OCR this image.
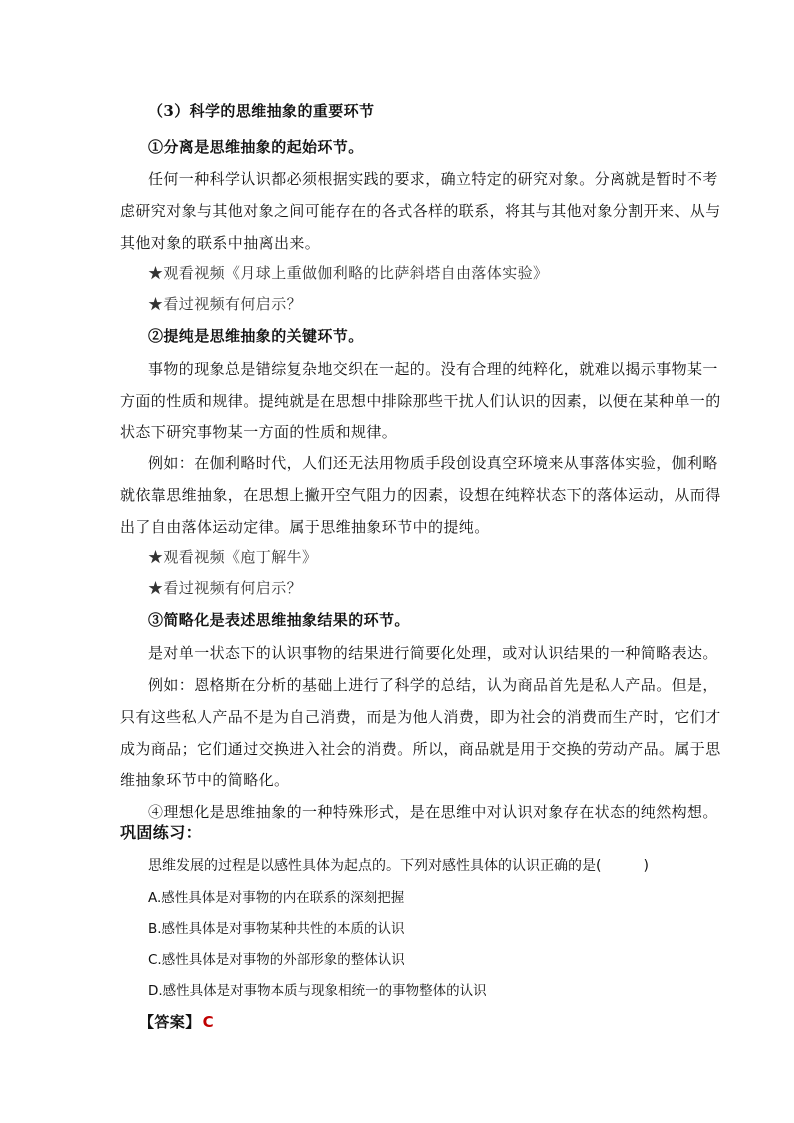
（3）科学的思维抽象的重要环节
①分离是思维抽象的起始环节。
任何一种科学认识都必须根据实践的要求，确立特定的研究对象。分离就是暂时不考
虑研究对象与其他对象之间可能存在的各式各样的联系，将其与其他对象分割开来、从与
其他对象的联系中抽离出来。
★观看视频《月球上重做伽利略的比萨斜塔自由落体实验》
★看过视频有何启示？
②提纯是思维抽象的关键环节。
事物的现象总是错综复杂地交织在一起的。没有合理的纯粹化，就难以揭示事物某一
方面的性质和规律。提纯就是在思想中排除那些干扰人们认识的因素，以便在某种单一的
状态下研究事物某一方面的性质和规律。
例如：在伽利略时代，人们还无法用物质手段创设真空环境来从事落体实验，伽利略
就依靠思维抽象，在思想上撇开空气阻力的因素，设想在纯粹状态下的落体运动，从而得
出了自由落体运动定律。属于思维抽象环节中的提纯。
★观看视频《庖丁解牛》
★看过视频有何启示？
③简略化是表述思维抽象结果的环节。
是对单一状态下的认识事物的结果进行简要化处理，或对认识结果的一种简略表达。
例如：恩格斯在分析的基础上进行了科学的总结，认为商品首先是私人产品。但是，
只有这些私人产品不是为自己消费，而是为他人消费，即为社会的消费而生产时，它们才
成为商品；它们通过交换进入社会的消费。所以，商品就是用于交换的劳动产品。属于思
维抽象环节中的简略化。
④理想化是思维抽象的一种特殊形式，是在思维中对认识对象存在状态的纯然构想。
巩固练习：
思维发展的过程是以感性具体为起点的。下列对感性具体的认识正确的是(　　　)
A.感性具体是对事物的内在联系的深刻把握
B.感性具体是对事物某种共性的本质的认识
C.感性具体是对事物的外部形象的整体认识
D.感性具体是对事物本质与现象相统一的事物整体的认识
【答案】 C
